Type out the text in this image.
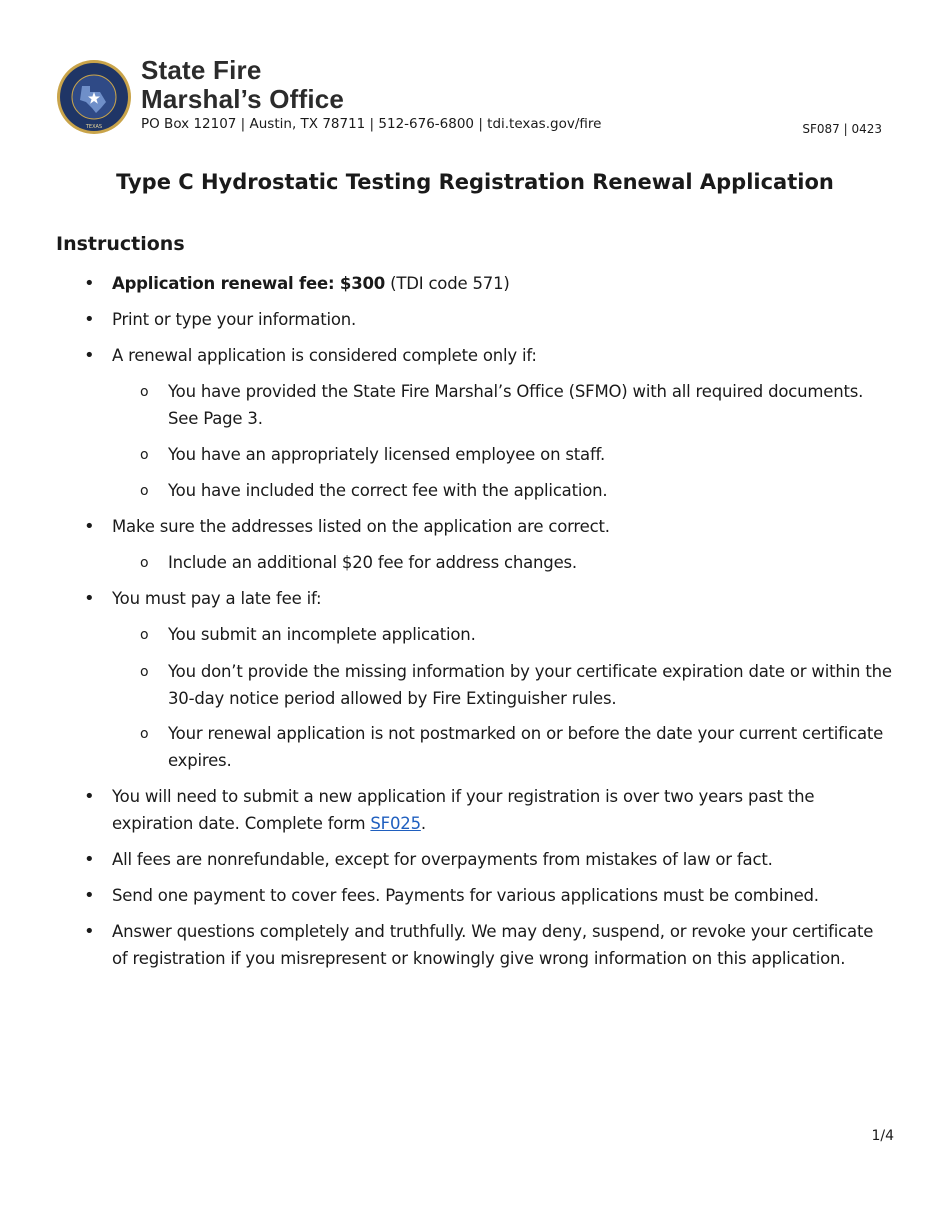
TEXAS
State Fire
Marshal’s Office
PO Box 12107 | Austin, TX 78711 | 512-676-6800 | tdi.texas.gov/fire	SF087 | 0423
Type C Hydrostatic Testing Registration Renewal Application
Instructions
• Application renewal fee: $300 (TDI code 571)
• Print or type your information.
• A renewal application is considered complete only if:
o You have provided the State Fire Marshal’s Office (SFMO) with all required documents. See Page 3.
o You have an appropriately licensed employee on staff.
o You have included the correct fee with the application.
• Make sure the addresses listed on the application are correct.
o Include an additional $20 fee for address changes.
• You must pay a late fee if:
o You submit an incomplete application.
o You don’t provide the missing information by your certificate expiration date or within the 30-day notice period allowed by Fire Extinguisher rules.
o Your renewal application is not postmarked on or before the date your current certificate expires.
• You will need to submit a new application if your registration is over two years past the expiration date. Complete form SF025.
• All fees are nonrefundable, except for overpayments from mistakes of law or fact.
• Send one payment to cover fees. Payments for various applications must be combined.
• Answer questions completely and truthfully. We may deny, suspend, or revoke your certificate of registration if you misrepresent or knowingly give wrong information on this application.
1/4
